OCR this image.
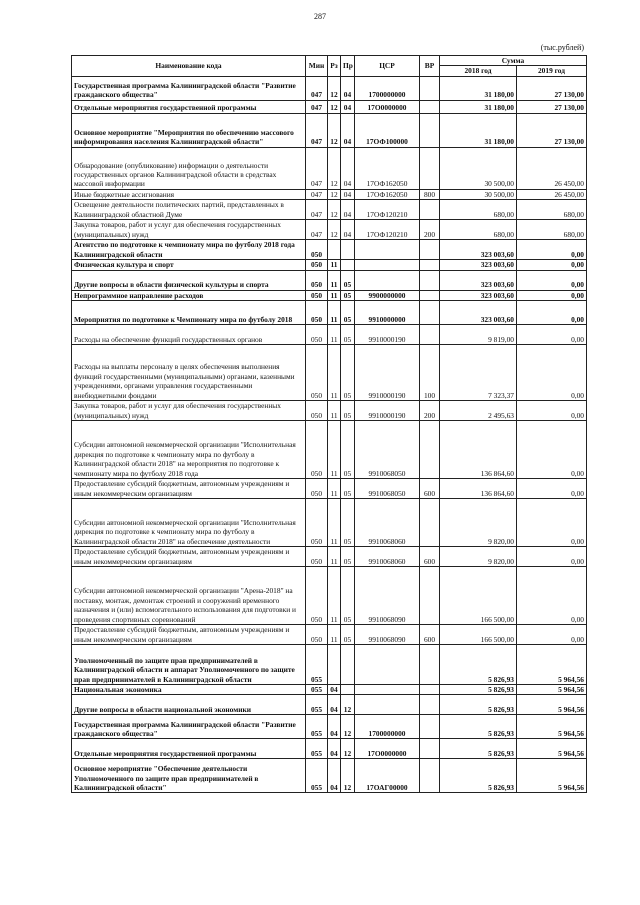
287
(тыс.рублей)
Наименование кода	Мин	Рз	Пр	ЦСР	ВР	Сумма	
						2018 год	2019 год
Государственная программа Калининградской области "Развитие гражданского общества"	047	12	04	1700000000		31 180,00	27 130,00
Отдельные мероприятия государственной программы	047	12	04	17О0000000		31 180,00	27 130,00
Основное мероприятие "Мероприятия по обеспечению массового информирования населения Калининградской области"	047	12	04	17ОФ100000		31 180,00	27 130,00
Обнародование (опубликование) информации о деятельности государственных органов Калининградской области в средствах массовой информации	047	12	04	17ОФ162050		30 500,00	26 450,00
Иные бюджетные ассигнования	047	12	04	17ОФ162050	800	30 500,00	26 450,00
Освещение деятельности политических партий, представленных в Калининградской областной Думе	047	12	04	17ОФ120210		680,00	680,00
Закупка товаров, работ и услуг для обеспечения государственных (муниципальных) нужд	047	12	04	17ОФ120210	200	680,00	680,00
Агентство по подготовке к чемпионату мира по футболу 2018 года Калининградской области	050					323 003,60	0,00
Физическая культура и спорт	050	11				323 003,60	0,00
Другие вопросы в области физической культуры и спорта	050	11	05			323 003,60	0,00
Непрограммное направление расходов	050	11	05	9900000000		323 003,60	0,00
Мероприятия по подготовке к Чемпионату мира по футболу 2018	050	11	05	9910000000		323 003,60	0,00
Расходы на обеспечение функций государственных органов	050	11	05	9910000190		9 819,00	0,00
Расходы на выплаты персоналу в целях обеспечения выполнения функций государственными (муниципальными) органами, казенными учреждениями, органами управления государственными внебюджетными фондами	050	11	05	9910000190	100	7 323,37	0,00
Закупка товаров, работ и услуг для обеспечения государственных (муниципальных) нужд	050	11	05	9910000190	200	2 495,63	0,00
Субсидии автономной некоммерческой организации "Исполнительная дирекция по подготовке к чемпионату мира по футболу в Калининградской области 2018" на мероприятия по подготовке к чемпионату мира по футболу 2018 года	050	11	05	9910068050		136 864,60	0,00
Предоставление субсидий бюджетным, автономным учреждениям и иным некоммерческим организациям	050	11	05	9910068050	600	136 864,60	0,00
Субсидии автономной некоммерческой организации "Исполнительная дирекция по подготовке к чемпионату мира по футболу в Калининградской области 2018" на обеспечение деятельности	050	11	05	9910068060		9 820,00	0,00
Предоставление субсидий бюджетным, автономным учреждениям и иным некоммерческим организациям	050	11	05	9910068060	600	9 820,00	0,00
Субсидии автономной некоммерческой организации "Арена-2018" на поставку, монтаж, демонтаж строений и сооружений временного назначения и (или) вспомогательного использования для подготовки и проведения спортивных соревнований	050	11	05	9910068090		166 500,00	0,00
Предоставление субсидий бюджетным, автономным учреждениям и иным некоммерческим организациям	050	11	05	9910068090	600	166 500,00	0,00
Уполномоченный по защите прав предпринимателей в Калининградской области и аппарат Уполномоченного по защите прав предпринимателей в Калининградской области	055					5 826,93	5 964,56
Национальная экономика	055	04				5 826,93	5 964,56
Другие вопросы в области национальной экономики	055	04	12			5 826,93	5 964,56
Государственная программа Калининградской области "Развитие гражданского общества"	055	04	12	1700000000		5 826,93	5 964,56
Отдельные мероприятия государственной программы	055	04	12	17О0000000		5 826,93	5 964,56
Основное мероприятие "Обеспечение деятельности Уполномоченного по защите прав предпринимателей в Калининградской области"	055	04	12	17ОАГ00000		5 826,93	5 964,56
